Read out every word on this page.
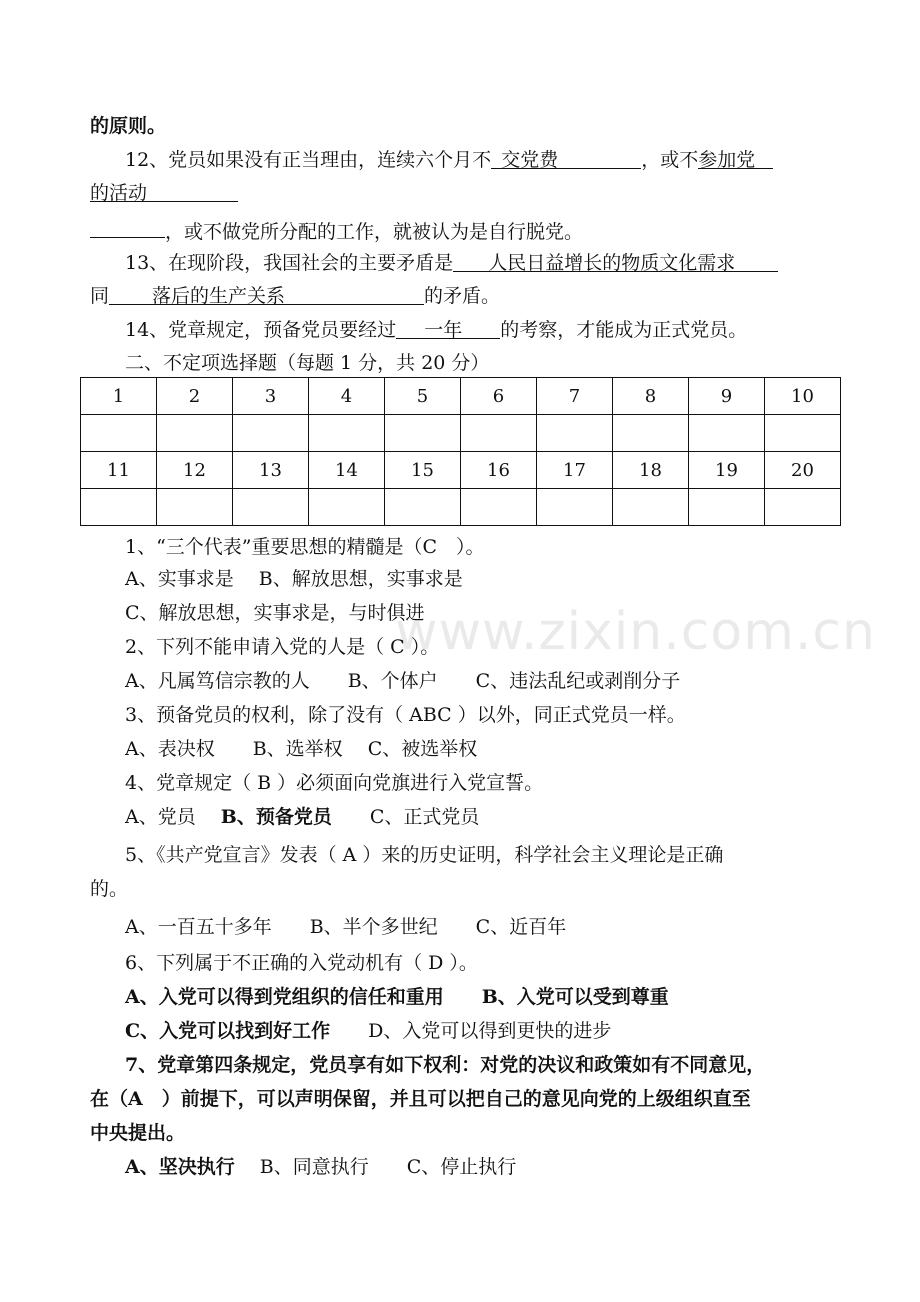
的原则。
12、党员如果没有正当理由，连续六个月不 交党费	，或不参加党
的活动
，或不做党所分配的工作，就被认为是自行脱党。
13、在现阶段，我国社会的主要矛盾是 人民日益增长的物质文化需求
同 落后的生产关系	的矛盾。
14、党章规定，预备党员要经过 一年 的考察，才能成为正式党员。
二、不定项选择题（每题 1 分，共 20 分）
1	2	3	4	5	6	7	8	9	10

11	12	13	14	15	16	17	18	19	20

1、“三个代表”重要思想的精髓是（C　）。
A、实事求是　 B、解放思想，实事求是
C、解放思想，实事求是，与时俱进
2、下列不能申请入党的人是（ C ）。
A、凡属笃信宗教的人　　B、个体户　　C、违法乱纪或剥削分子
3、预备党员的权利，除了没有（ ABC ）以外，同正式党员一样。
A、表决权　　B、选举权　 C、被选举权
4、党章规定（ B ）必须面向党旗进行入党宣誓。
A、党员　 B、预备党员　　C、正式党员
5、《共产党宣言》发表（ A ）来的历史证明，科学社会主义理论是正确
的。
A、一百五十多年　　B、半个多世纪　　C、近百年
6、下列属于不正确的入党动机有（ D ）。
A、入党可以得到党组织的信任和重用　　B、入党可以受到尊重
C、入党可以找到好工作　　D、入党可以得到更快的进步
7、党章第四条规定，党员享有如下权利：对党的决议和政策如有不同意见，
在（A　）前提下，可以声明保留，并且可以把自己的意见向党的上级组织直至
中央提出。
A、坚决执行　 B、同意执行　　C、停止执行
www.zixin.com.cn
